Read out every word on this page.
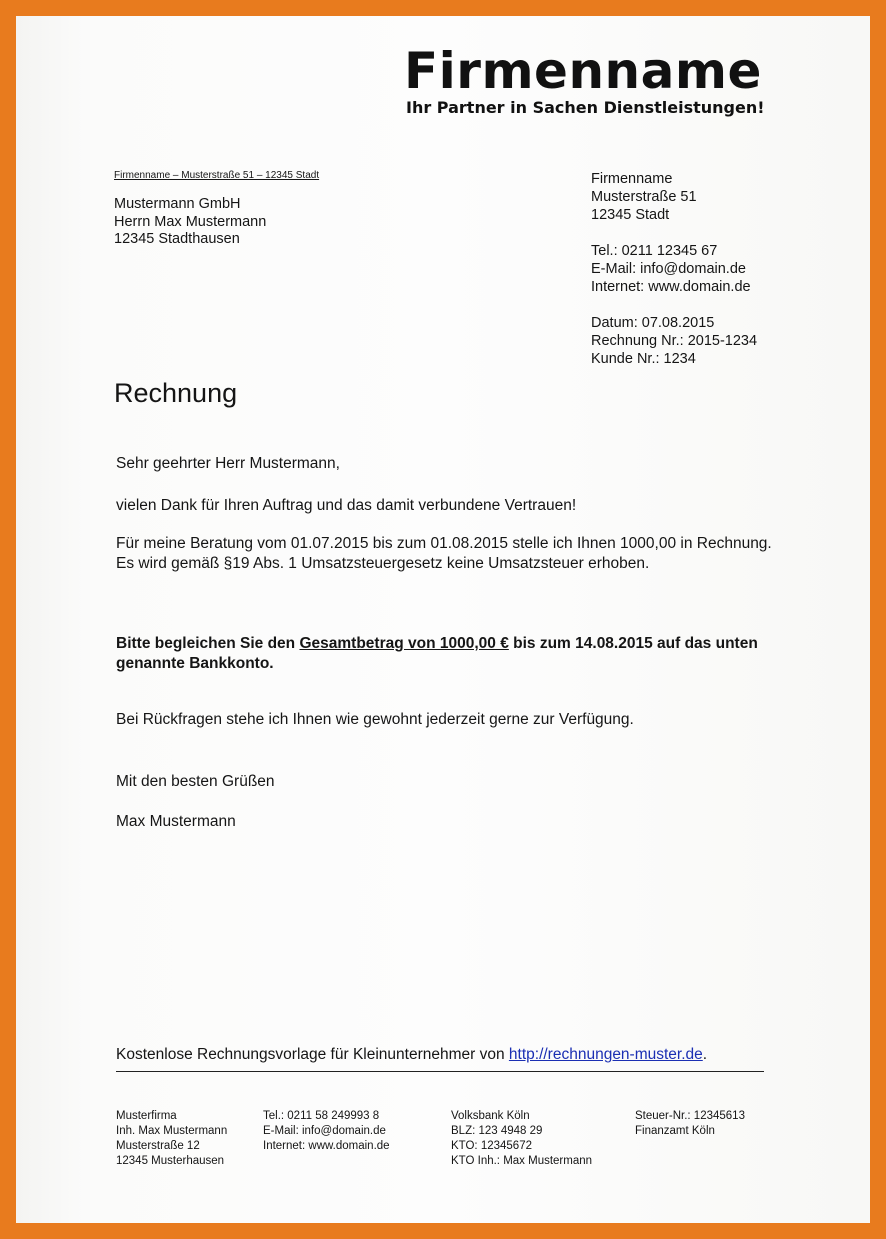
Firmenname
Ihr Partner in Sachen Dienstleistungen!
Firmenname – Musterstraße 51 – 12345 Stadt
Mustermann GmbH
Herrn Max Mustermann
12345 Stadthausen
Firmenname
Musterstraße 51
12345 Stadt
Tel.: 0211 12345 67
E-Mail: info@domain.de
Internet: www.domain.de
Datum: 07.08.2015
Rechnung Nr.: 2015-1234
Kunde Nr.: 1234
Rechnung
Sehr geehrter Herr Mustermann,
vielen Dank für Ihren Auftrag und das damit verbundene Vertrauen!
Für meine Beratung vom 01.07.2015 bis zum 01.08.2015 stelle ich Ihnen 1000,00 in Rechnung. Es wird gemäß §19 Abs. 1 Umsatzsteuergesetz keine Umsatzsteuer erhoben.
Bitte begleichen Sie den Gesamtbetrag von 1000,00 € bis zum 14.08.2015 auf das unten genannte Bankkonto.
Bei Rückfragen stehe ich Ihnen wie gewohnt jederzeit gerne zur Verfügung.
Mit den besten Grüßen
Max Mustermann
Kostenlose Rechnungsvorlage für Kleinunternehmer von http://rechnungen-muster.de.
Musterfirma
Inh. Max Mustermann
Musterstraße 12
12345 Musterhausen
Tel.: 0211 58 249993 8
E-Mail: info@domain.de
Internet: www.domain.de
Volksbank Köln
BLZ: 123 4948 29
KTO: 12345672
KTO Inh.: Max Mustermann
Steuer-Nr.: 12345613
Finanzamt Köln
